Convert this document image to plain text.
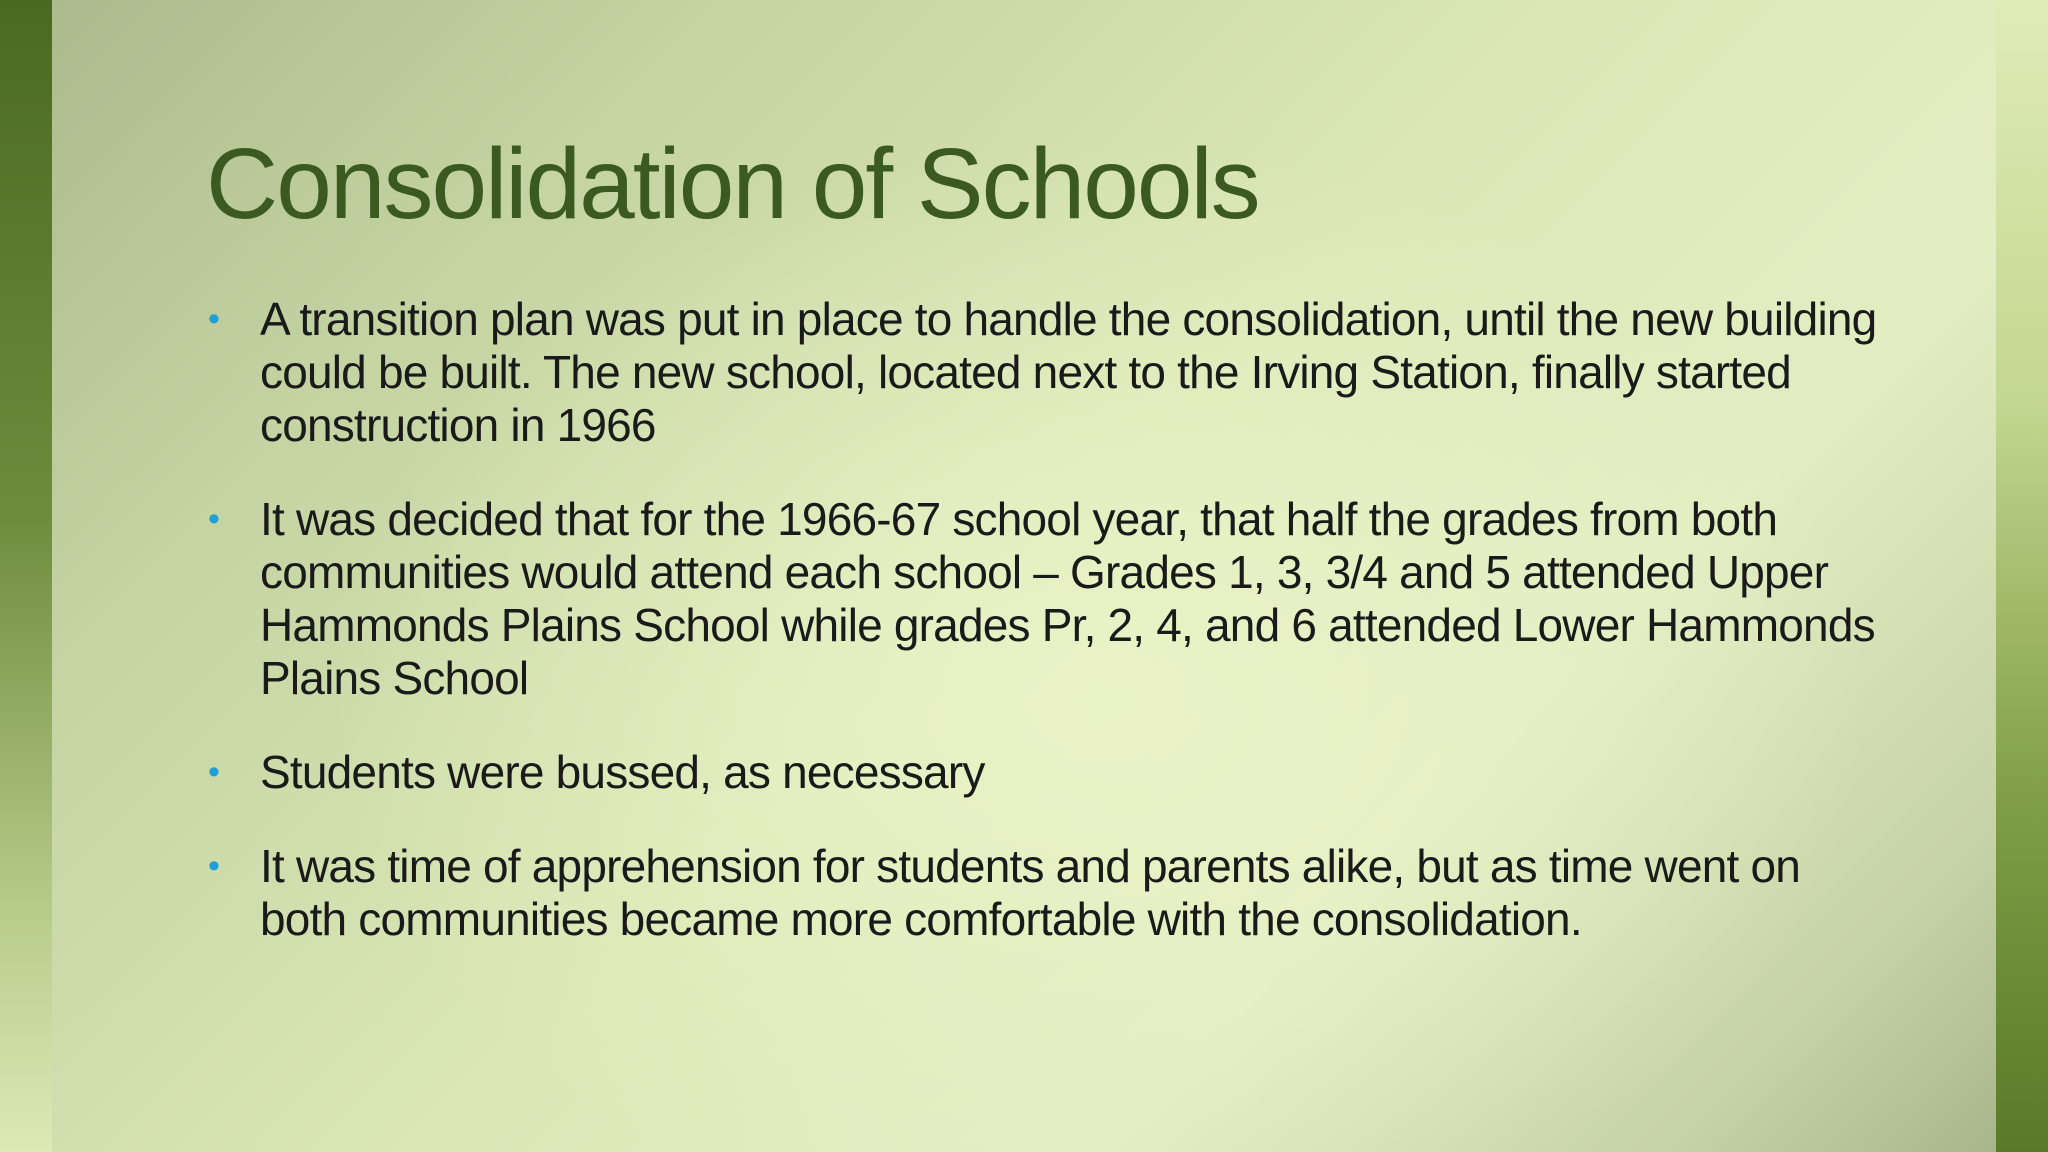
Consolidation of Schools
• A transition plan was put in place to handle the consolidation, until the new building could be built. The new school, located next to the Irving Station, finally started construction in 1966
• It was decided that for the 1966-67 school year, that half the grades from both communities would attend each school – Grades 1, 3, 3/4 and 5 attended Upper Hammonds Plains School while grades Pr, 2, 4, and 6 attended Lower Hammonds Plains School
• Students were bussed, as necessary
• It was time of apprehension for students and parents alike, but as time went on both communities became more comfortable with the consolidation.
